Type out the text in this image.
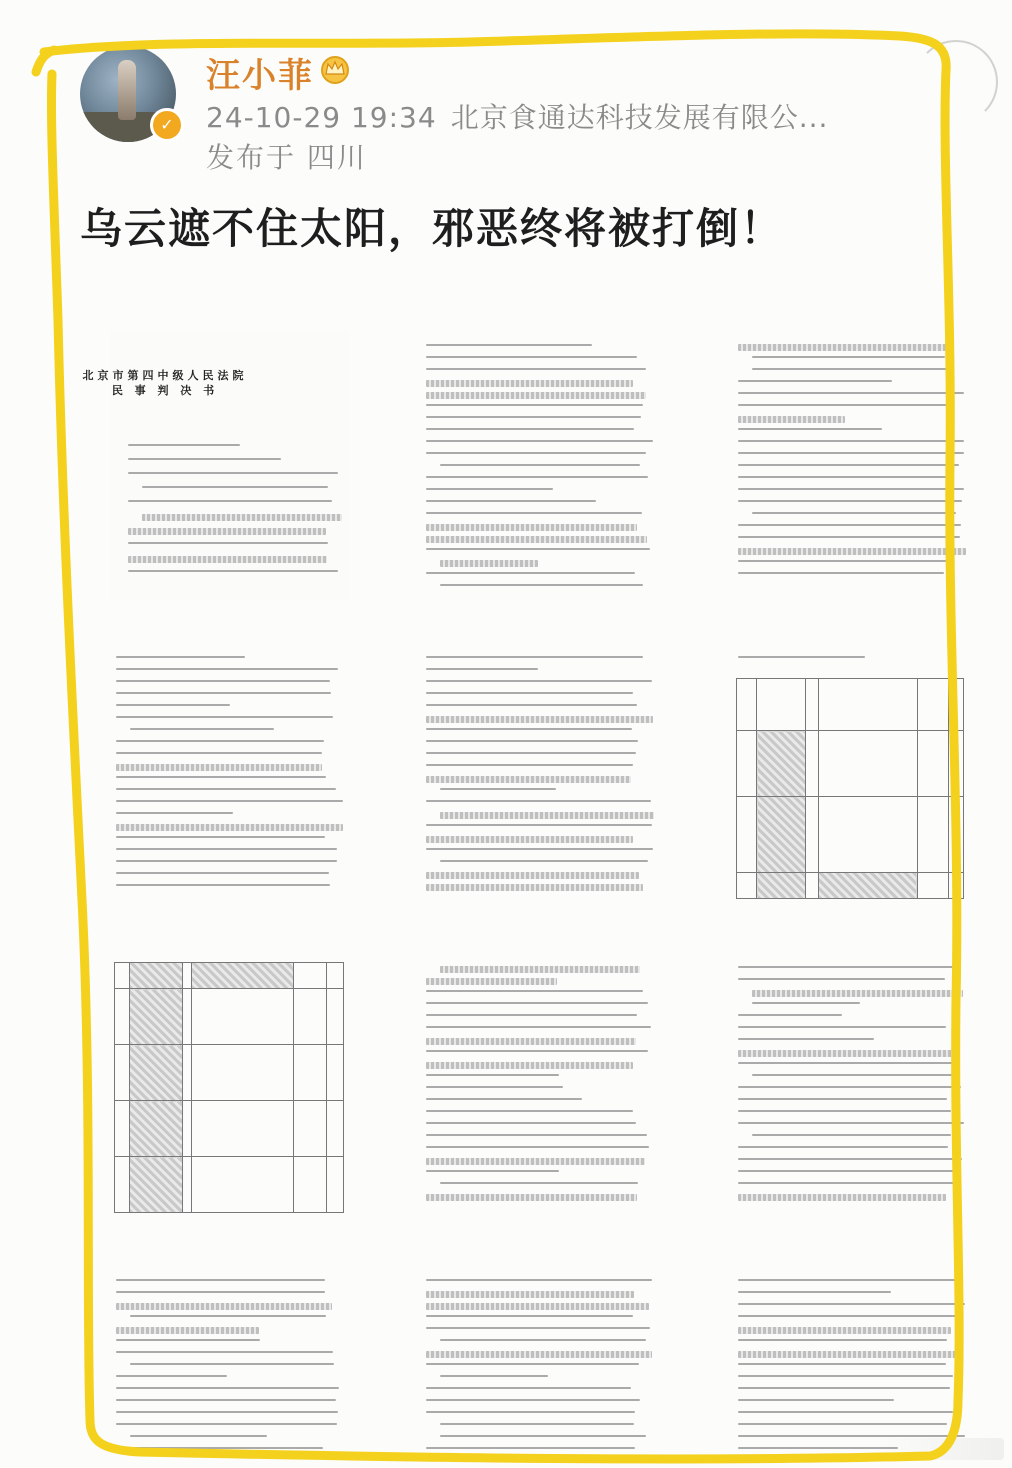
✓
汪小菲
24-10-29 19:34 北京食通达科技发展有限公...
发布于 四川
乌云遮不住太阳，邪恶终将被打倒！
北京市第四中级人民法院
民 事 判 决 书
